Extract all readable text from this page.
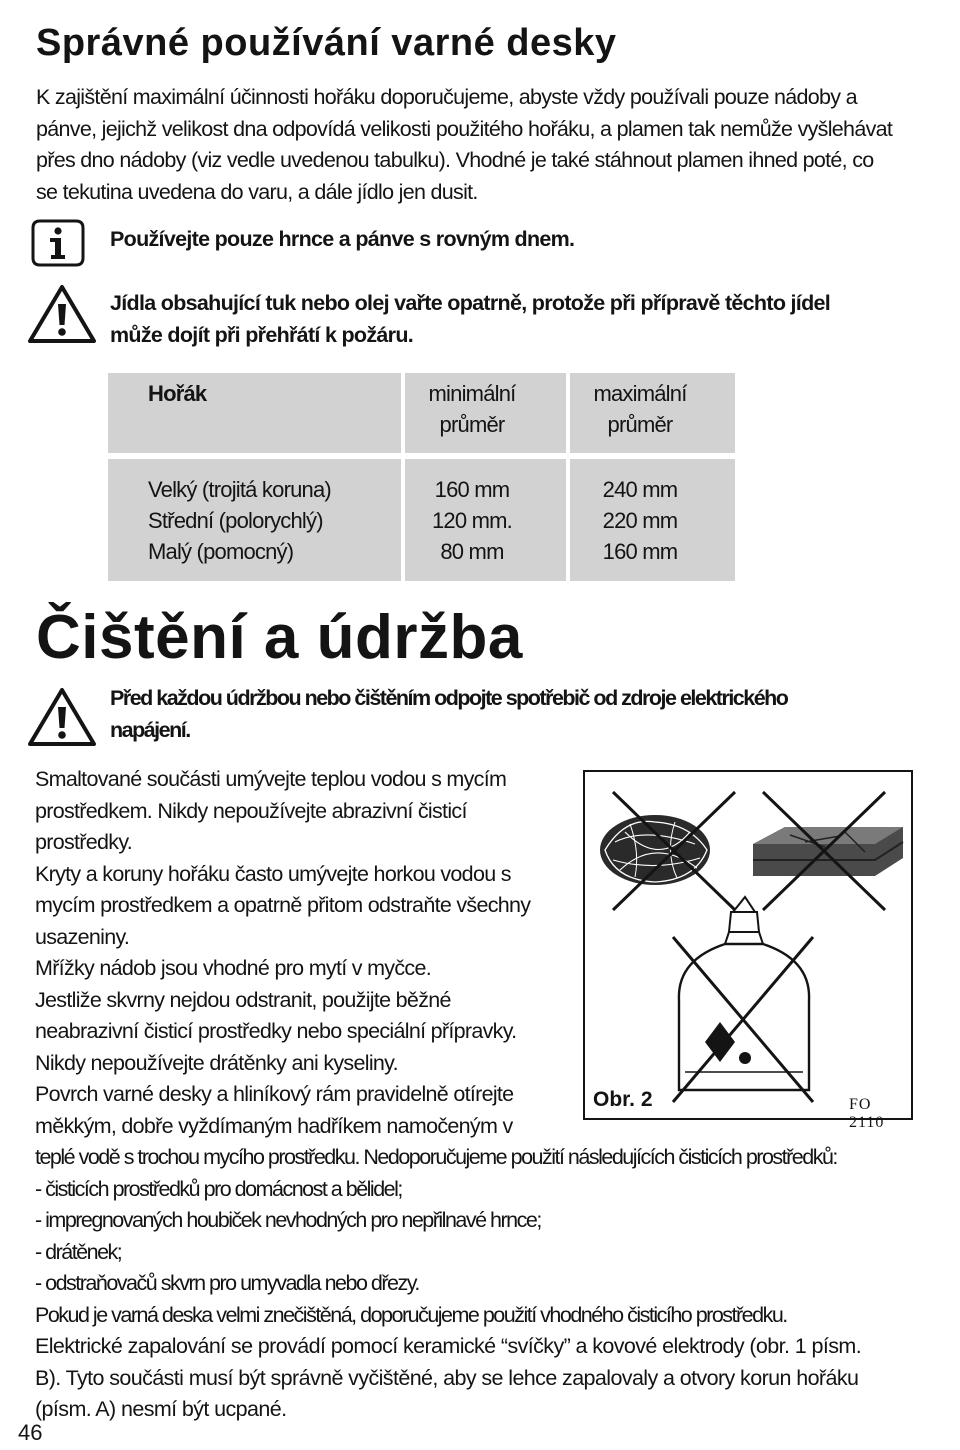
Správné používání varné desky
K zajištění maximální účinnosti hořáku doporučujeme, abyste vždy používali pouze nádoby a
pánve, jejichž velikost dna odpovídá velikosti použitého hořáku, a plamen tak nemůže vyšlehávat
přes dno nádoby (viz vedle uvedenou tabulku). Vhodné je také stáhnout plamen ihned poté, co
se tekutina uvedena do varu, a dále jídlo jen dusit.
Používejte pouze hrnce a pánve s rovným dnem.
Jídla obsahující tuk nebo olej vařte opatrně, protože při přípravě těchto jídel
může dojít při přehřátí k požáru.
Hořák	minimální
průměr
maximální
průměr
Velký (trojitá koruna)
Střední (polorychlý)
Malý (pomocný)
160 mm
120 mm.
80 mm
240 mm
220 mm
160 mm
Čištění a údržba
Před každou údržbou nebo čištěním odpojte spotřebič od zdroje elektrického
napájení.
Smaltované součásti umývejte teplou vodou s mycím
prostředkem. Nikdy nepoužívejte abrazivní čisticí
prostředky.
Kryty a koruny hořáku často umývejte horkou vodou s
mycím prostředkem a opatrně přitom odstraňte všechny
usazeniny.
Mřížky nádob jsou vhodné pro mytí v myčce.
Jestliže skvrny nejdou odstranit, použijte běžné
neabrazivní čisticí prostředky nebo speciální přípravky.
Nikdy nepoužívejte drátěnky ani kyseliny.
Povrch varné desky a hliníkový rám pravidelně otírejte
měkkým, dobře vyždímaným hadříkem namočeným v
teplé vodě s trochou mycího prostředku. Nedoporučujeme použití následujících čisticích prostředků:
- čisticích prostředků pro domácnost a bělidel;
- impregnovaných houbiček nevhodných pro nepřilnavé hrnce;
- drátěnek;
- odstraňovačů skvrn pro umyvadla nebo dřezy.
Pokud je varná deska velmi znečištěná, doporučujeme použití vhodného čisticího prostředku.
Elektrické zapalování se provádí pomocí keramické “svíčky” a kovové elektrody (obr. 1 písm.
B). Tyto součásti musí být správně vyčištěné, aby se lehce zapalovaly a otvory korun hořáku
(písm. A) nesmí být ucpané.
Obr. 2	FO 2110
46
